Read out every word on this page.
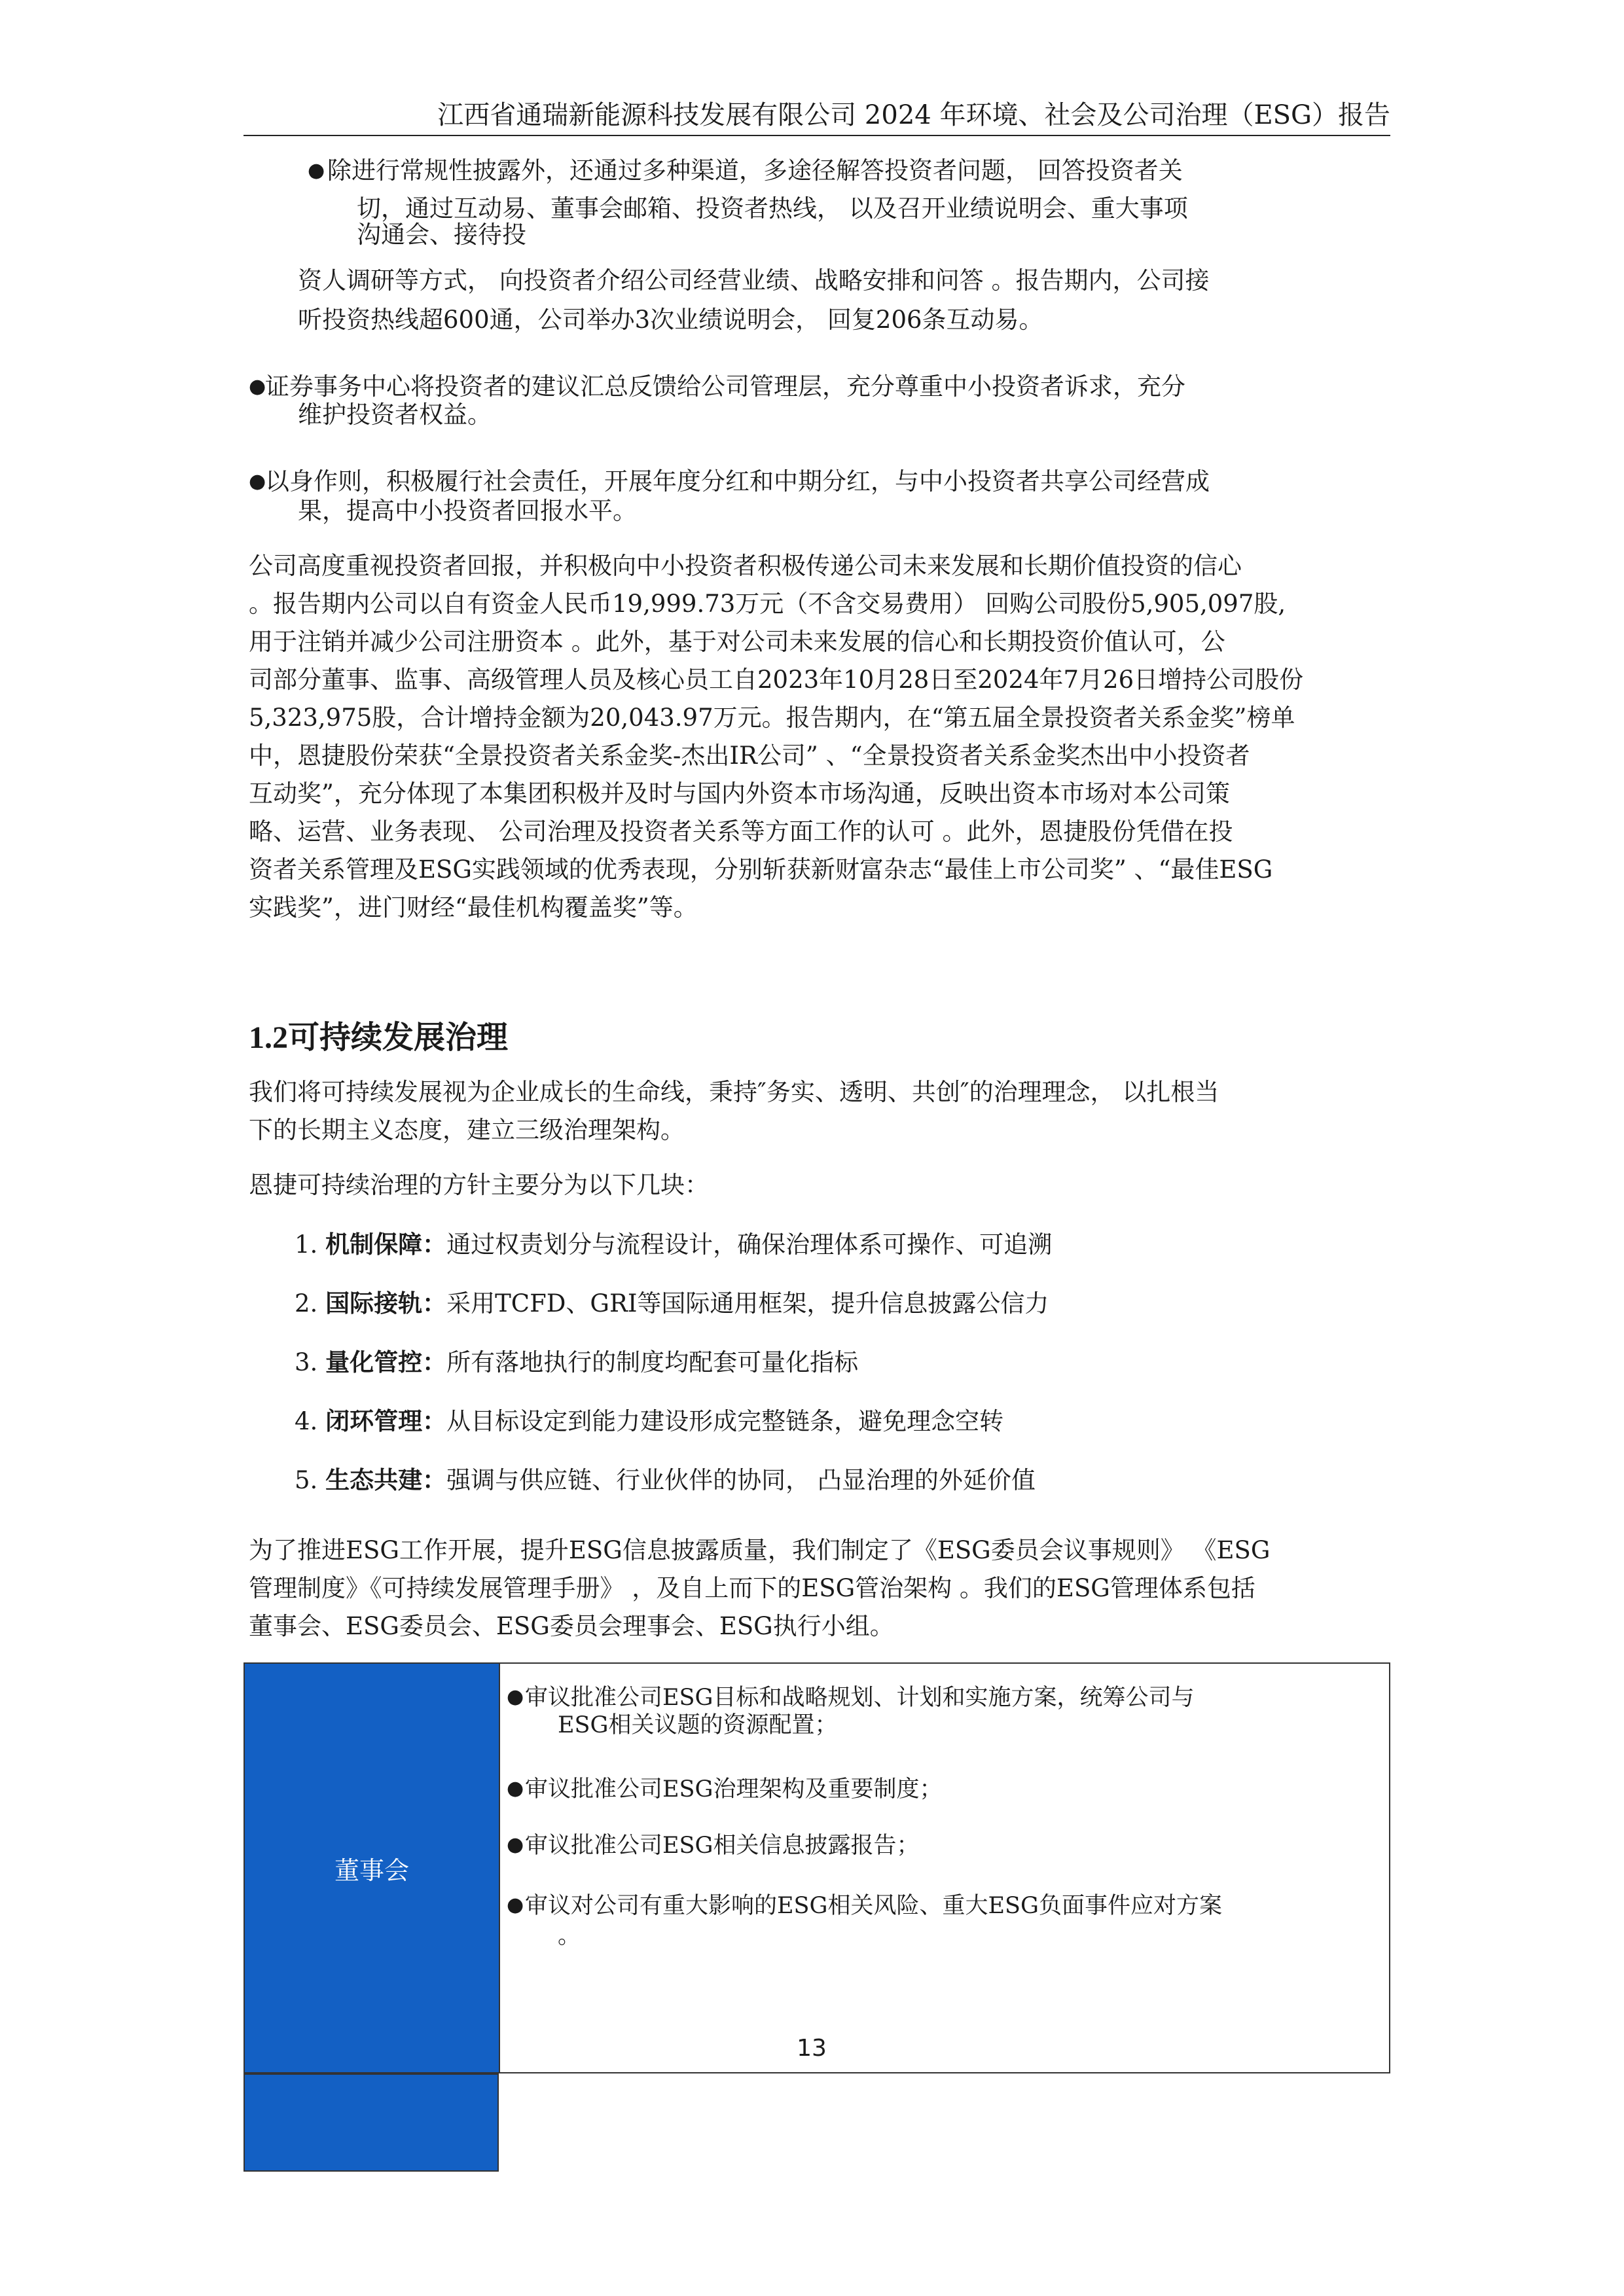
江西省通瑞新能源科技发展有限公司 2024 年环境、社会及公司治理（ESG）报告
● 除进行常规性披露外，还通过多种渠道，多途径解答投资者问题， 回答投资者关
切，通过互动易、董事会邮箱、投资者热线， 以及召开业绩说明会、重大事项
沟通会、接待投
资人调研等方式， 向投资者介绍公司经营业绩、战略安排和问答 。报告期内，公司接
听投资热线超600通，公司举办3次业绩说明会， 回复206条互动易。
●
证券事务中心将投资者的建议汇总反馈给公司管理层，充分尊重中小投资者诉求，充分
维护投资者权益。
●
以身作则，积极履行社会责任，开展年度分红和中期分红，与中小投资者共享公司经营成
果，提高中小投资者回报水平。
公司高度重视投资者回报，并积极向中小投资者积极传递公司未来发展和长期价值投资的信心
。报告期内公司以自有资金人民币19,999.73万元（不含交易费用） 回购公司股份5,905,097股,
用于注销并减少公司注册资本 。此外，基于对公司未来发展的信心和长期投资价值认可，公
司部分董事、监事、高级管理人员及核心员工自2023年10月28日至2024年7月26日增持公司股份
5,323,975股，合计增持金额为20,043.97万元。报告期内，在“第五届全景投资者关系金奖”榜单
中，恩捷股份荣获“全景投资者关系金奖-杰出IR公司” 、“全景投资者关系金奖杰出中小投资者
互动奖”，充分体现了本集团积极并及时与国内外资本市场沟通，反映出资本市场对本公司策
略、运营、业务表现、 公司治理及投资者关系等方面工作的认可 。此外，恩捷股份凭借在投
资者关系管理及ESG实践领域的优秀表现，分别斩获新财富杂志“最佳上市公司奖” 、“最佳ESG
实践奖”，进门财经“最佳机构覆盖奖”等。
1.2可持续发展治理
我们将可持续发展视为企业成长的生命线，秉持″务实、透明、共创″的治理理念， 以扎根当
下的长期主义态度，建立三级治理架构。
恩捷可持续治理的方针主要分为以下几块：
1. 机制保障：通过权责划分与流程设计，确保治理体系可操作、可追溯
2. 国际接轨：采用TCFD、GRI等国际通用框架，提升信息披露公信力
3. 量化管控：所有落地执行的制度均配套可量化指标
4. 闭环管理：从目标设定到能力建设形成完整链条，避免理念空转
5. 生态共建：强调与供应链、行业伙伴的协同， 凸显治理的外延价值
为了推进ESG工作开展，提升ESG信息披露质量，我们制定了《ESG委员会议事规则》 《ESG
管理制度》《可持续发展管理手册》 ，及自上而下的ESG管治架构 。我们的ESG管理体系包括
董事会、ESG委员会、ESG委员会理事会、ESG执行小组。
董事会
● 审议批准公司ESG目标和战略规划、计划和实施方案，统筹公司与
ESG相关议题的资源配置；
● 审议批准公司ESG治理架构及重要制度；
● 审议批准公司ESG相关信息披露报告；
● 审议对公司有重大影响的ESG相关风险、重大ESG负面事件应对方案
。
13
